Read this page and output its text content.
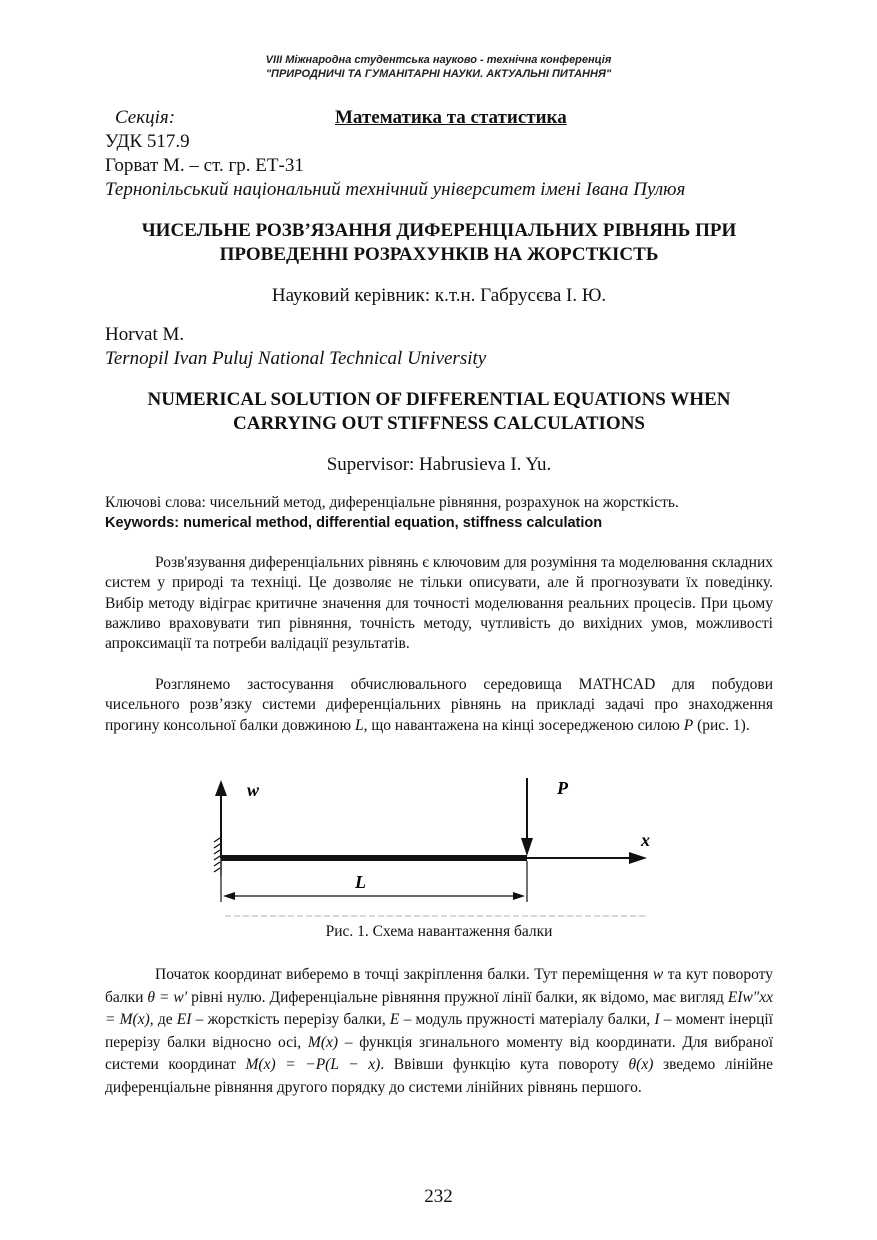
VIII Міжнародна студентська науково - технічна конференція
"ПРИРОДНИЧІ ТА ГУМАНІТАРНІ НАУКИ. АКТУАЛЬНІ ПИТАННЯ"
Секція:	Математика та статистика
УДК 517.9
Горват М. – ст. гр. ЕТ-31
Тернопільський національний технічний університет імені Івана Пулюя
ЧИСЕЛЬНЕ РОЗВ’ЯЗАННЯ ДИФЕРЕНЦІАЛЬНИХ РІВНЯНЬ ПРИ
ПРОВЕДЕННІ РОЗРАХУНКІВ НА ЖОРСТКІСТЬ
Науковий керівник: к.т.н. Габрусєва І. Ю.
Horvat M.
Ternopil Ivan Puluj National Technical University
NUMERICAL SOLUTION OF DIFFERENTIAL EQUATIONS WHEN
CARRYING OUT STIFFNESS CALCULATIONS
Supervisor: Habrusieva I. Yu.
Ключові слова: чисельний метод, диференціальне рівняння, розрахунок на жорсткість.
Keywords: numerical method, differential equation, stiffness calculation
Розв'язування диференціальних рівнянь є ключовим для розуміння та моделювання складних систем у природі та техніці. Це дозволяє не тільки описувати, але й прогнозувати їх поведінку. Вибір методу відіграє критичне значення для точності моделювання реальних процесів. При цьому важливо враховувати тип рівняння, точність методу, чутливість до вихідних умов, можливості апроксимації та потреби валідації результатів.
Розглянемо застосування обчислювального середовища MATHCAD для побудови чисельного розв’язку системи диференціальних рівнянь на прикладі задачі про знаходження прогину консольної балки довжиною L, що навантажена на кінці зосередженою силою P (рис. 1).
w
x
P
L
Рис. 1. Схема навантаження балки
Початок координат виберемо в точці закріплення балки. Тут переміщення w та кут повороту балки θ = w′ рівні нулю. Диференціальне рівняння пружної лінії балки, як відомо, має вигляд EIw″xx = M(x), де EI – жорсткість перерізу балки, E – модуль пружності матеріалу балки, I – момент інерції перерізу балки відносно осі, M(x) – функція згинального моменту від координати. Для вибраної системи координат M(x) = −P(L − x). Ввівши функцію кута повороту θ(x) зведемо лінійне диференціальне рівняння другого порядку до системи лінійних рівнянь першого.
232
